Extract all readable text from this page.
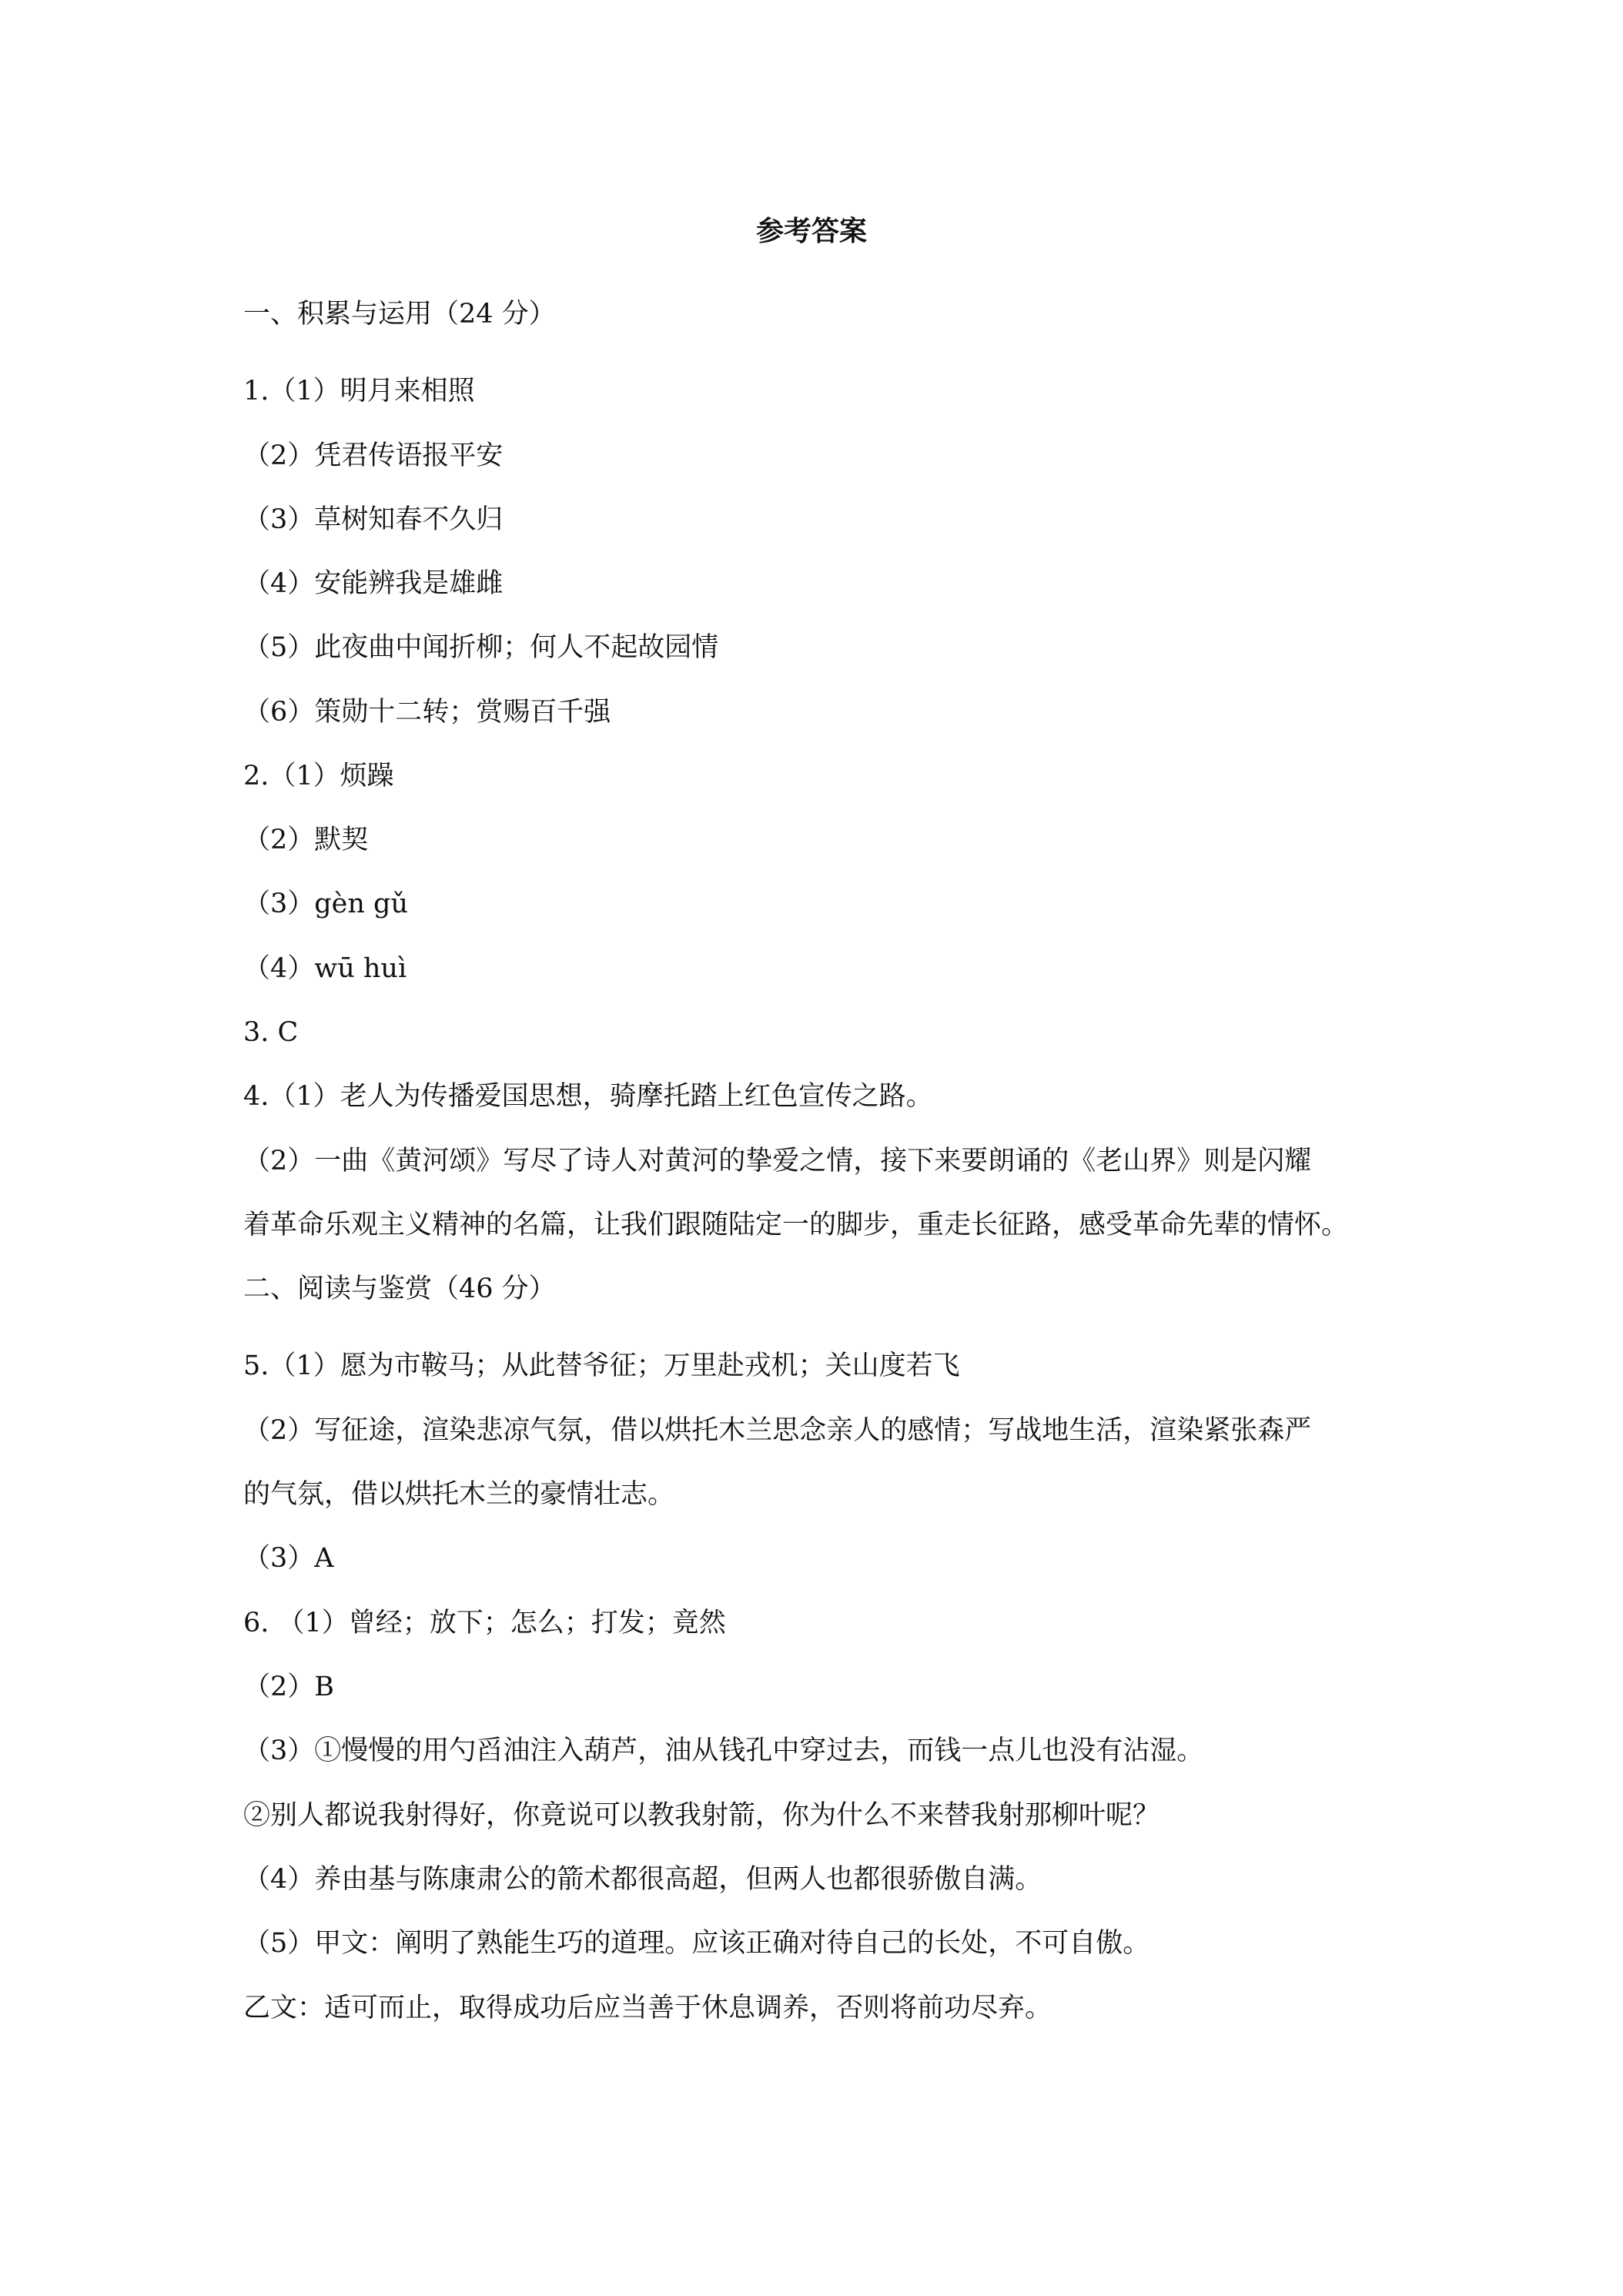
参考答案

一、积累与运用（24 分）

1.（1）明月来相照

（2）凭君传语报平安

（3）草树知春不久归

（4）安能辨我是雄雌

（5）此夜曲中闻折柳；何人不起故园情

（6）策勋十二转；赏赐百千强

2.（1）烦躁

（2）默契

（3）gèn gǔ

（4）wū huì

3. C

4.（1）老人为传播爱国思想，骑摩托踏上红色宣传之路。

（2）一曲《黄河颂》写尽了诗人对黄河的挚爱之情，接下来要朗诵的《老山界》则是闪耀

着革命乐观主义精神的名篇，让我们跟随陆定一的脚步，重走长征路，感受革命先辈的情怀。

二、阅读与鉴赏（46 分）

5.（1）愿为市鞍马；从此替爷征；万里赴戎机；关山度若飞

（2）写征途，渲染悲凉气氛，借以烘托木兰思念亲人的感情；写战地生活，渲染紧张森严

的气氛，借以烘托木兰的豪情壮志。

（3）A

6. （1）曾经；放下；怎么；打发；竟然

（2）B

（3）①慢慢的用勺舀油注入葫芦，油从钱孔中穿过去，而钱一点儿也没有沾湿。

②别人都说我射得好，你竟说可以教我射箭，你为什么不来替我射那柳叶呢？

（4）养由基与陈康肃公的箭术都很高超，但两人也都很骄傲自满。

（5）甲文：阐明了熟能生巧的道理。应该正确对待自己的长处，不可自傲。

乙文：适可而止，取得成功后应当善于休息调养，否则将前功尽弃。
